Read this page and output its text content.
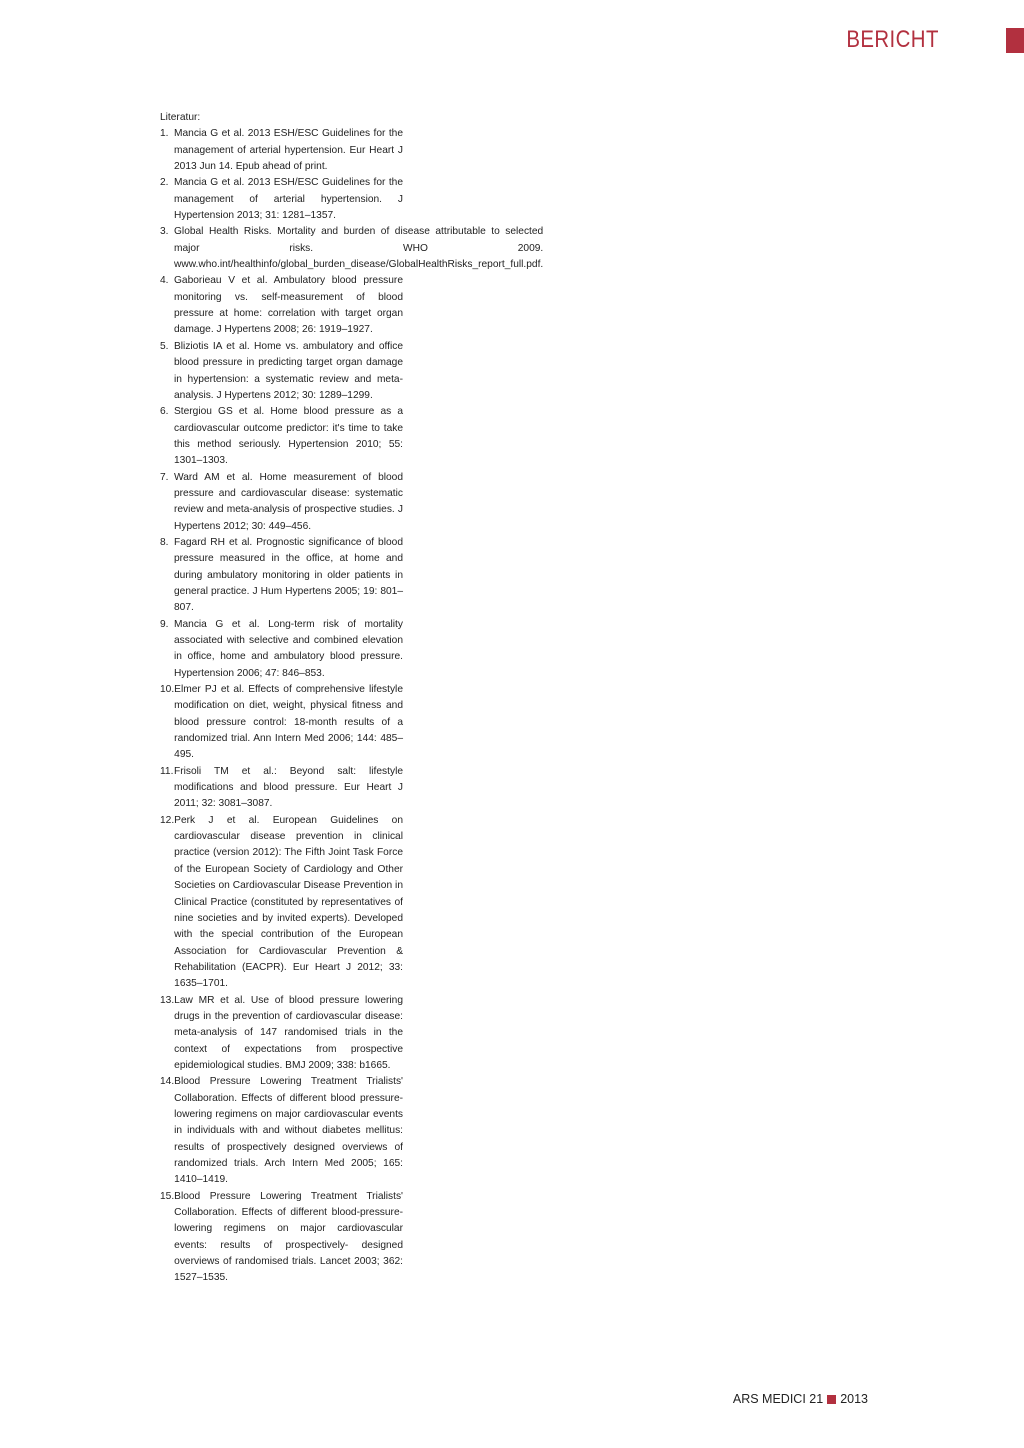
BERICHT

Literatur:

1. Mancia G et al. 2013 ESH/ESC Guidelines for the management of arterial hypertension. Eur Heart J 2013 Jun 14. Epub ahead of print.
2. Mancia G et al. 2013 ESH/ESC Guidelines for the management of arterial hypertension. J Hypertension 2013; 31: 1281–1357.
3. Global Health Risks. Mortality and burden of disease attributable to selected major risks. WHO 2009. www.who.int/healthinfo/global_burden_disease/GlobalHealthRisks_report_full.pdf.
4. Gaborieau V et al. Ambulatory blood pressure monitoring vs. self-measurement of blood pressure at home: correlation with target organ damage. J Hypertens 2008; 26: 1919–1927.
5. Bliziotis IA et al. Home vs. ambulatory and office blood pressure in predicting target organ damage in hypertension: a systematic review and meta-analysis. J Hypertens 2012; 30: 1289–1299.
6. Stergiou GS et al. Home blood pressure as a cardiovascular outcome predictor: it's time to take this method seriously. Hypertension 2010; 55: 1301–1303.
7. Ward AM et al. Home measurement of blood pressure and cardiovascular disease: systematic review and meta-analysis of prospective studies. J Hypertens 2012; 30: 449–456.
8. Fagard RH et al. Prognostic significance of blood pressure measured in the office, at home and during ambulatory monitoring in older patients in general practice. J Hum Hypertens 2005; 19: 801–807.
9. Mancia G et al. Long-term risk of mortality associated with selective and combined elevation in office, home and ambulatory blood pressure. Hypertension 2006; 47: 846–853.
10. Elmer PJ et al. Effects of comprehensive lifestyle modification on diet, weight, physical fitness and blood pressure control: 18-month results of a randomized trial. Ann Intern Med 2006; 144: 485–495.
11. Frisoli TM et al.: Beyond salt: lifestyle modifications and blood pressure. Eur Heart J 2011; 32: 3081–3087.
12. Perk J et al. European Guidelines on cardiovascular disease prevention in clinical practice (version 2012): The Fifth Joint Task Force of the European Society of Cardiology and Other Societies on Cardiovascular Disease Prevention in Clinical Practice (constituted by representatives of nine societies and by invited experts). Developed with the special contribution of the European Association for Cardiovascular Prevention & Rehabilitation (EACPR). Eur Heart J 2012; 33: 1635–1701.
13. Law MR et al. Use of blood pressure lowering drugs in the prevention of cardiovascular disease: meta-analysis of 147 randomised trials in the context of expectations from prospective epidemiological studies. BMJ 2009; 338: b1665.
14. Blood Pressure Lowering Treatment Trialists' Collaboration. Effects of different blood pressure-lowering regimens on major cardiovascular events in individuals with and without diabetes mellitus: results of prospectively designed overviews of randomized trials. Arch Intern Med 2005; 165: 1410–1419.
15. Blood Pressure Lowering Treatment Trialists' Collaboration. Effects of different blood-pressure-lowering regimens on major cardiovascular events: results of prospectively- designed overviews of randomised trials. Lancet 2003; 362: 1527–1535.
ARS MEDICI 21 2013
